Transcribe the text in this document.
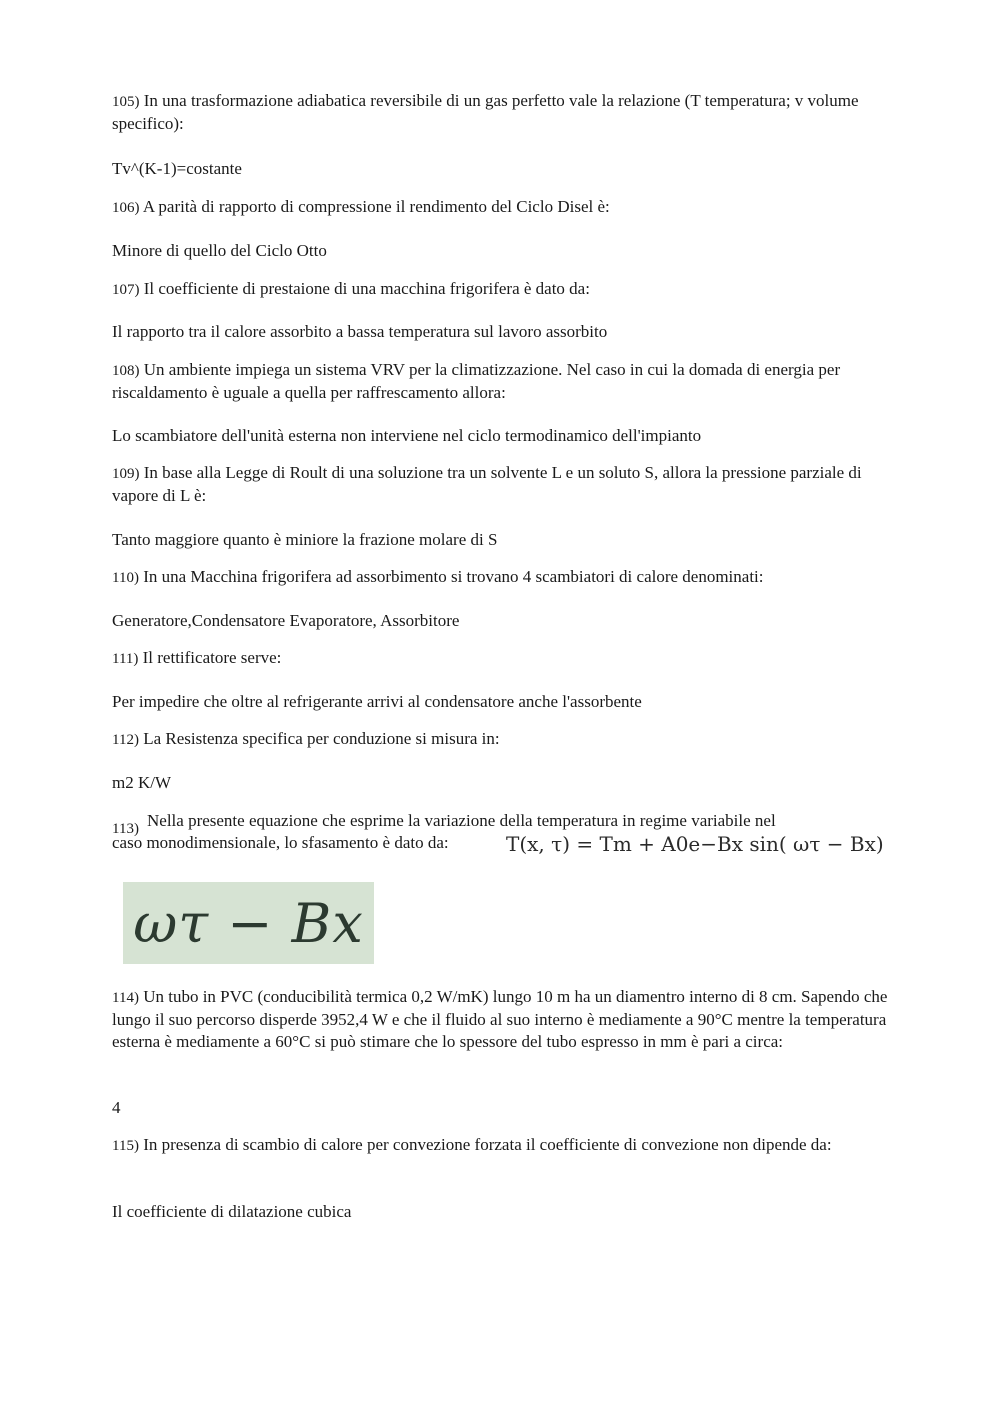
105) In una trasformazione adiabatica reversibile di un gas perfetto vale la relazione (T temperatura; v volume specifico):

Tv^(K-1)=costante

106) A parità di rapporto di compressione il rendimento del Ciclo Disel è:

Minore di quello del Ciclo Otto

107) Il coefficiente di prestaione di una macchina frigorifera è dato da:

Il rapporto tra il calore assorbito a bassa temperatura sul lavoro assorbito

108) Un ambiente impiega un sistema VRV per la climatizzazione. Nel caso in cui la domada di energia per riscaldamento è uguale a quella per raffrescamento allora:

Lo scambiatore dell'unità esterna non interviene nel ciclo termodinamico dell'impianto

109) In base alla Legge di Roult di una soluzione tra un solvente L e un soluto S, allora la pressione parziale di vapore di L è:

Tanto maggiore quanto è miniore la frazione molare di S

110) In una Macchina frigorifera ad assorbimento si trovano 4 scambiatori di calore denominati:

Generatore,Condensatore Evaporatore, Assorbitore

111) Il rettificatore serve:

Per impedire che oltre al refrigerante arrivi al condensatore anche l'assorbente

112) La Resistenza specifica per conduzione si misura in:

m2 K/W

113) Nella presente equazione che esprime la variazione della temperatura in regime variabile nel
caso monodimensionale, lo sfasamento è dato da:	T(x, τ) = Tm + A0e−Bx sin( ωτ − Bx)
ωτ − Bx

114) Un tubo in PVC (conducibilità termica 0,2 W/mK) lungo 10 m ha un diamentro interno di 8 cm. Sapendo che lungo il suo percorso disperde 3952,4 W e che il fluido al suo interno è mediamente a 90°C mentre la temperatura esterna è mediamente a 60°C si può stimare che lo spessore del tubo espresso in mm è pari a circa:

4

115) In presenza di scambio di calore per convezione forzata il coefficiente di convezione non dipende da:

Il coefficiente di dilatazione cubica
